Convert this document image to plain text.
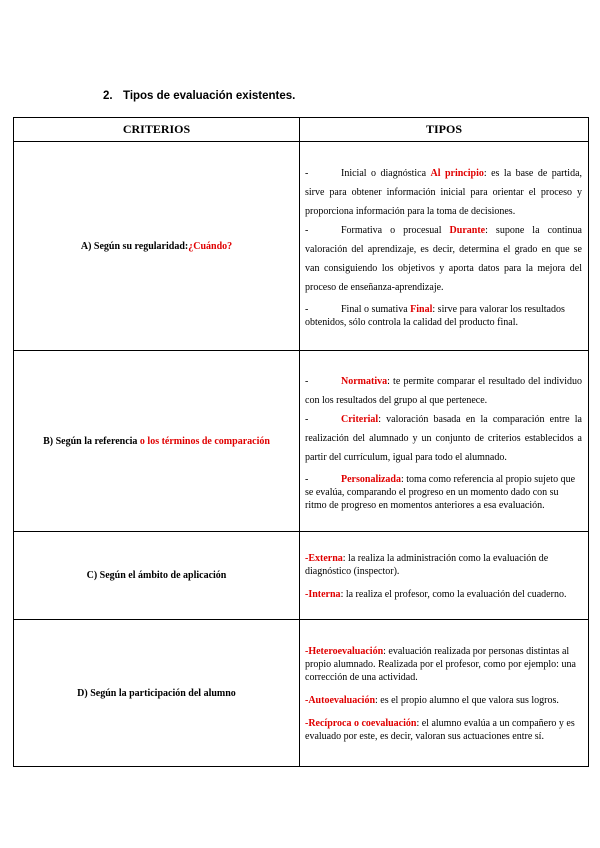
2. Tipos de evaluación existentes.
CRITERIOS	TIPOS
A) Según su regularidad:¿Cuándo?	- Inicial o diagnóstica Al principio: es la base de partida, sirve para obtener información inicial para orientar el proceso y proporciona información para la toma de decisiones.

- Formativa o procesual Durante: supone la continua valoración del aprendizaje, es decir, determina el grado en que se van consiguiendo los objetivos y aporta datos para la mejora del proceso de enseñanza-aprendizaje.

- Final o sumativa Final: sirve para valorar los resultados obtenidos, sólo controla la calidad del producto final.

B) Según la referencia o los términos de comparación	- Normativa: te permite comparar el resultado del individuo con los resultados del grupo al que pertenece.

- Criterial: valoración basada en la comparación entre la realización del alumnado y un conjunto de criterios establecidos a partir del currículum, igual para todo el alumnado.

- Personalizada: toma como referencia al propio sujeto que se evalúa, comparando el progreso en un momento dado con su ritmo de progreso en momentos anteriores a esa evaluación.

C) Según el ámbito de aplicación	-Externa: la realiza la administración como la evaluación de diagnóstico (inspector).

-Interna: la realiza el profesor, como la evaluación del cuaderno.

D) Según la participación del alumno	-Heteroevaluación: evaluación realizada por personas distintas al propio alumnado. Realizada por el profesor, como por ejemplo: una corrección de una actividad.

-Autoevaluación: es el propio alumno el que valora sus logros.

-Recíproca o coevaluación: el alumno evalúa a un compañero y es evaluado por este, es decir, valoran sus actuaciones entre sí.
